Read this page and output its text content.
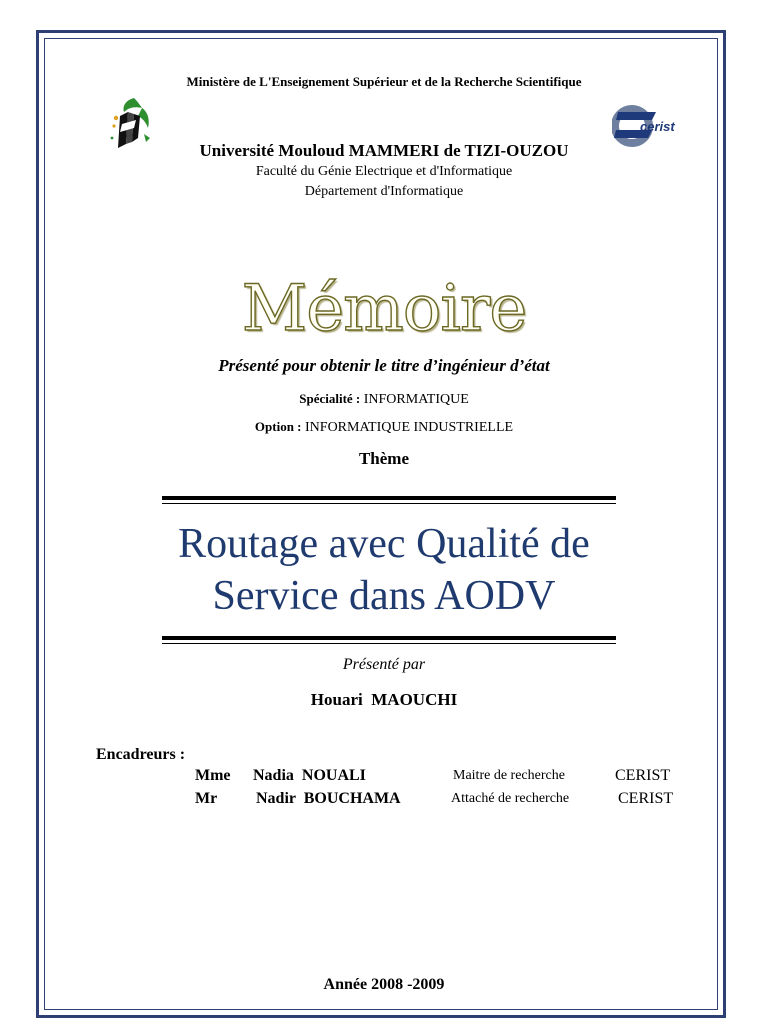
cerist
Ministère de L'Enseignement Supérieur et de la Recherche Scientifique
Université Mouloud MAMMERI de TIZI-OUZOU
Faculté du Génie Electrique et d'Informatique
Département d'Informatique
Mémoire
Présenté pour obtenir le titre d’ingénieur d’état
Spécialité : INFORMATIQUE
Option : INFORMATIQUE INDUSTRIELLE
Thème
Routage avec Qualité de
Service dans AODV
Présenté par
Houari  MAOUCHI
Encadreurs :
Mme Nadia  NOUALI	Maitre de recherche	CERIST
Mr Nadir  BOUCHAMA	Attaché de recherche	CERIST
Année 2008 -2009
